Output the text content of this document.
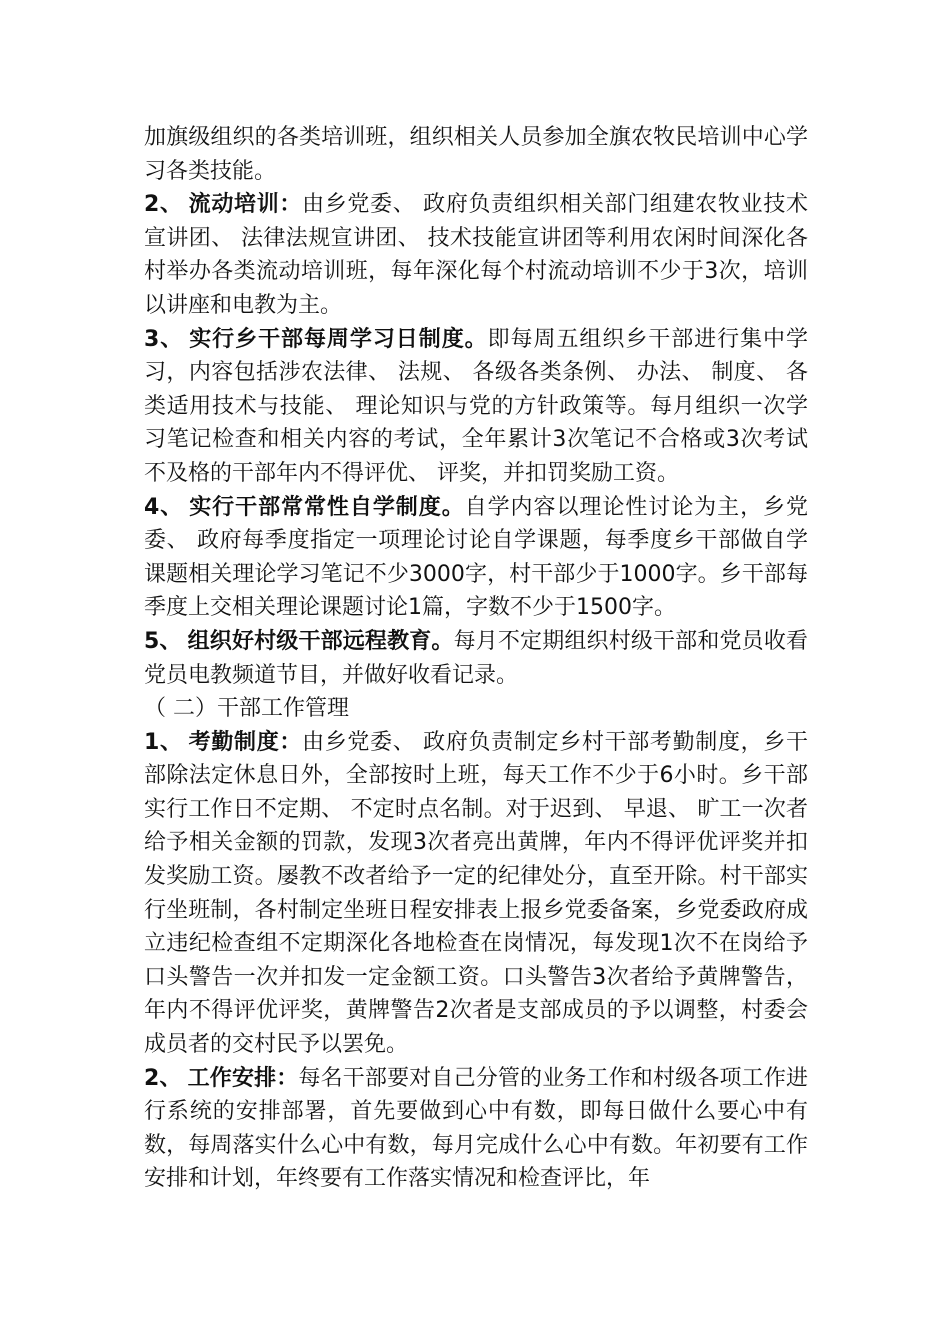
加旗级组织的各类培训班，组织相关人员参加全旗农牧民培训中心学习各类技能。

2、 流动培训：由乡党委、 政府负责组织相关部门组建农牧业技术宣讲团、 法律法规宣讲团、 技术技能宣讲团等利用农闲时间深化各村举办各类流动培训班，每年深化每个村流动培训不少于3次，培训以讲座和电教为主。

3、 实行乡干部每周学习日制度。即每周五组织乡干部进行集中学习，内容包括涉农法律、 法规、 各级各类条例、 办法、 制度、 各类适用技术与技能、 理论知识与党的方针政策等。每月组织一次学习笔记检查和相关内容的考试，全年累计3次笔记不合格或3次考试不及格的干部年内不得评优、 评奖，并扣罚奖励工资。

4、 实行干部常常性自学制度。自学内容以理论性讨论为主，乡党委、 政府每季度指定一项理论讨论自学课题，每季度乡干部做自学课题相关理论学习笔记不少3000字，村干部少于1000字。乡干部每季度上交相关理论课题讨论1篇，字数不少于1500字。

5、 组织好村级干部远程教育。每月不定期组织村级干部和党员收看党员电教频道节目，并做好收看记录。

（ 二）干部工作管理

1、 考勤制度：由乡党委、 政府负责制定乡村干部考勤制度，乡干部除法定休息日外，全部按时上班，每天工作不少于6小时。乡干部实行工作日不定期、 不定时点名制。对于迟到、 早退、 旷工一次者给予相关金额的罚款，发现3次者亮出黄牌，年内不得评优评奖并扣发奖励工资。屡教不改者给予一定的纪律处分，直至开除。村干部实行坐班制，各村制定坐班日程安排表上报乡党委备案，乡党委政府成立违纪检查组不定期深化各地检查在岗情况，每发现1次不在岗给予口头警告一次并扣发一定金额工资。口头警告3次者给予黄牌警告，年内不得评优评奖，黄牌警告2次者是支部成员的予以调整，村委会成员者的交村民予以罢免。

2、 工作安排：每名干部要对自己分管的业务工作和村级各项工作进行系统的安排部署，首先要做到心中有数，即每日做什么要心中有数，每周落实什么心中有数，每月完成什么心中有数。年初要有工作安排和计划，年终要有工作落实情况和检查评比，年
